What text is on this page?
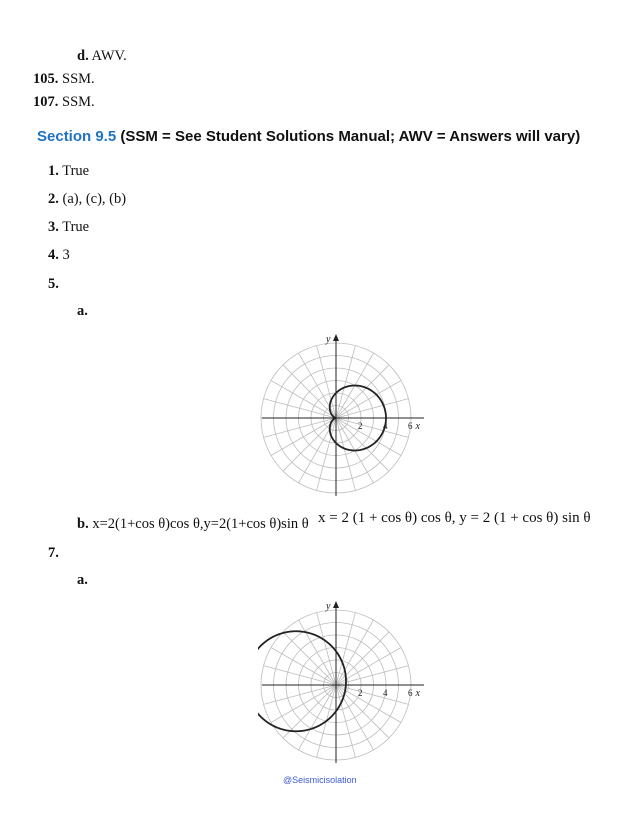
d. AWV.
105. SSM.
107. SSM.
Section 9.5 (SSM = See Student Solutions Manual; AWV = Answers will vary)
1. True
2. (a), (c), (b)
3. True
4. 3
5.
a.
y
x
2 4 6
b. x=2(1+cos θ)cos θ,y=2(1+cos θ)sin θ x = 2 (1 + cos θ) cos θ, y = 2 (1 + cos θ) sin θ
7.
a.
y
x
2 4 6
@Seismicisolation
